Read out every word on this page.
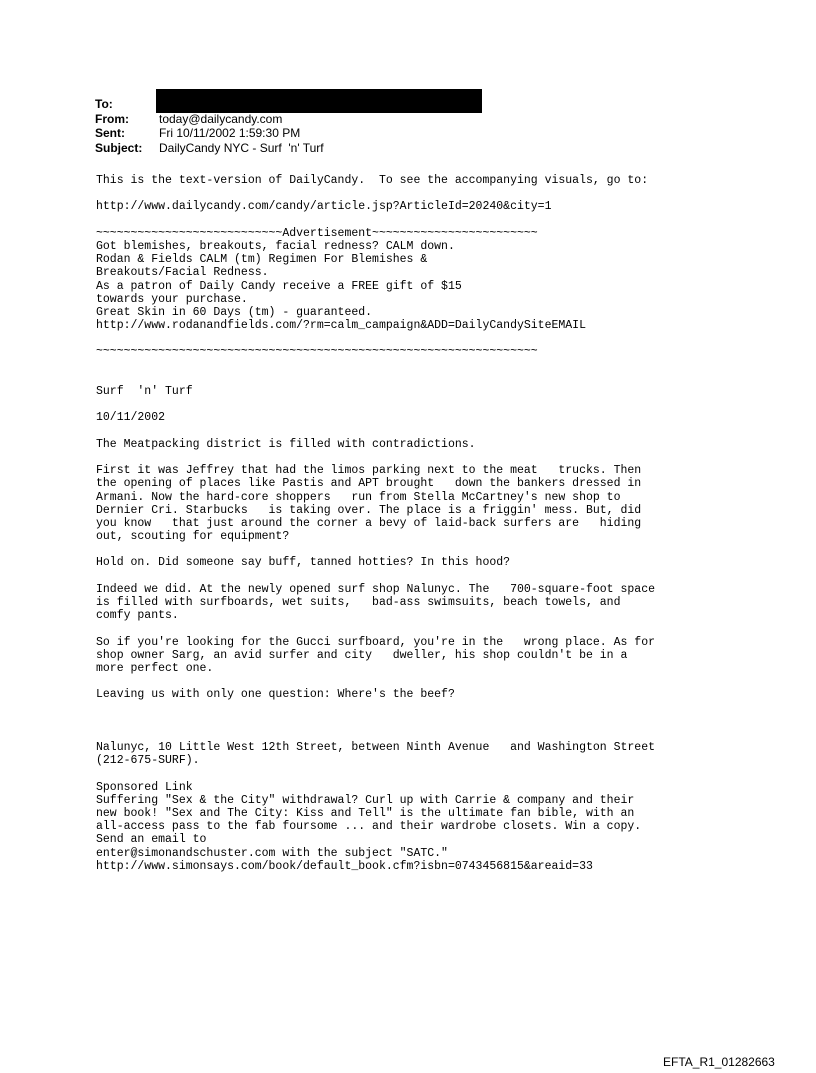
To:
From:	today@dailycandy.com
Sent:	Fri 10/11/2002 1:59:30 PM
Subject:	DailyCandy NYC - Surf  'n' Turf
This is the text-version of DailyCandy.  To see the accompanying visuals, go to:
http://www.dailycandy.com/candy/article.jsp?ArticleId=20240&city=1
~~~~~~~~~~~~~~~~~~~~~~~~~~~Advertisement~~~~~~~~~~~~~~~~~~~~~~~~
Got blemishes, breakouts, facial redness? CALM down.
Rodan & Fields CALM (tm) Regimen For Blemishes &
Breakouts/Facial Redness.
As a patron of Daily Candy receive a FREE gift of $15
towards your purchase.
Great Skin in 60 Days (tm) - guaranteed.
http://www.rodanandfields.com/?rm=calm_campaign&ADD=DailyCandySiteEMAIL
~~~~~~~~~~~~~~~~~~~~~~~~~~~~~~~~~~~~~~~~~~~~~~~~~~~~~~~~~~~~~~~~
Surf  'n' Turf
10/11/2002
The Meatpacking district is filled with contradictions.
First it was Jeffrey that had the limos parking next to the meat   trucks. Then
the opening of places like Pastis and APT brought   down the bankers dressed in
Armani. Now the hard-core shoppers   run from Stella McCartney's new shop to
Dernier Cri. Starbucks   is taking over. The place is a friggin' mess. But, did
you know   that just around the corner a bevy of laid-back surfers are   hiding
out, scouting for equipment?
Hold on. Did someone say buff, tanned hotties? In this hood?
Indeed we did. At the newly opened surf shop Nalunyc. The   700-square-foot space
is filled with surfboards, wet suits,   bad-ass swimsuits, beach towels, and
comfy pants.
So if you're looking for the Gucci surfboard, you're in the   wrong place. As for
shop owner Sarg, an avid surfer and city   dweller, his shop couldn't be in a
more perfect one.
Leaving us with only one question: Where's the beef?
Nalunyc, 10 Little West 12th Street, between Ninth Avenue   and Washington Street
(212-675-SURF).
Sponsored Link
Suffering "Sex & the City" withdrawal? Curl up with Carrie & company and their
new book! "Sex and The City: Kiss and Tell" is the ultimate fan bible, with an
all-access pass to the fab foursome ... and their wardrobe closets. Win a copy.
Send an email to
enter@simonandschuster.com with the subject "SATC."
http://www.simonsays.com/book/default_book.cfm?isbn=0743456815&areaid=33
EFTA_R1_01282663
